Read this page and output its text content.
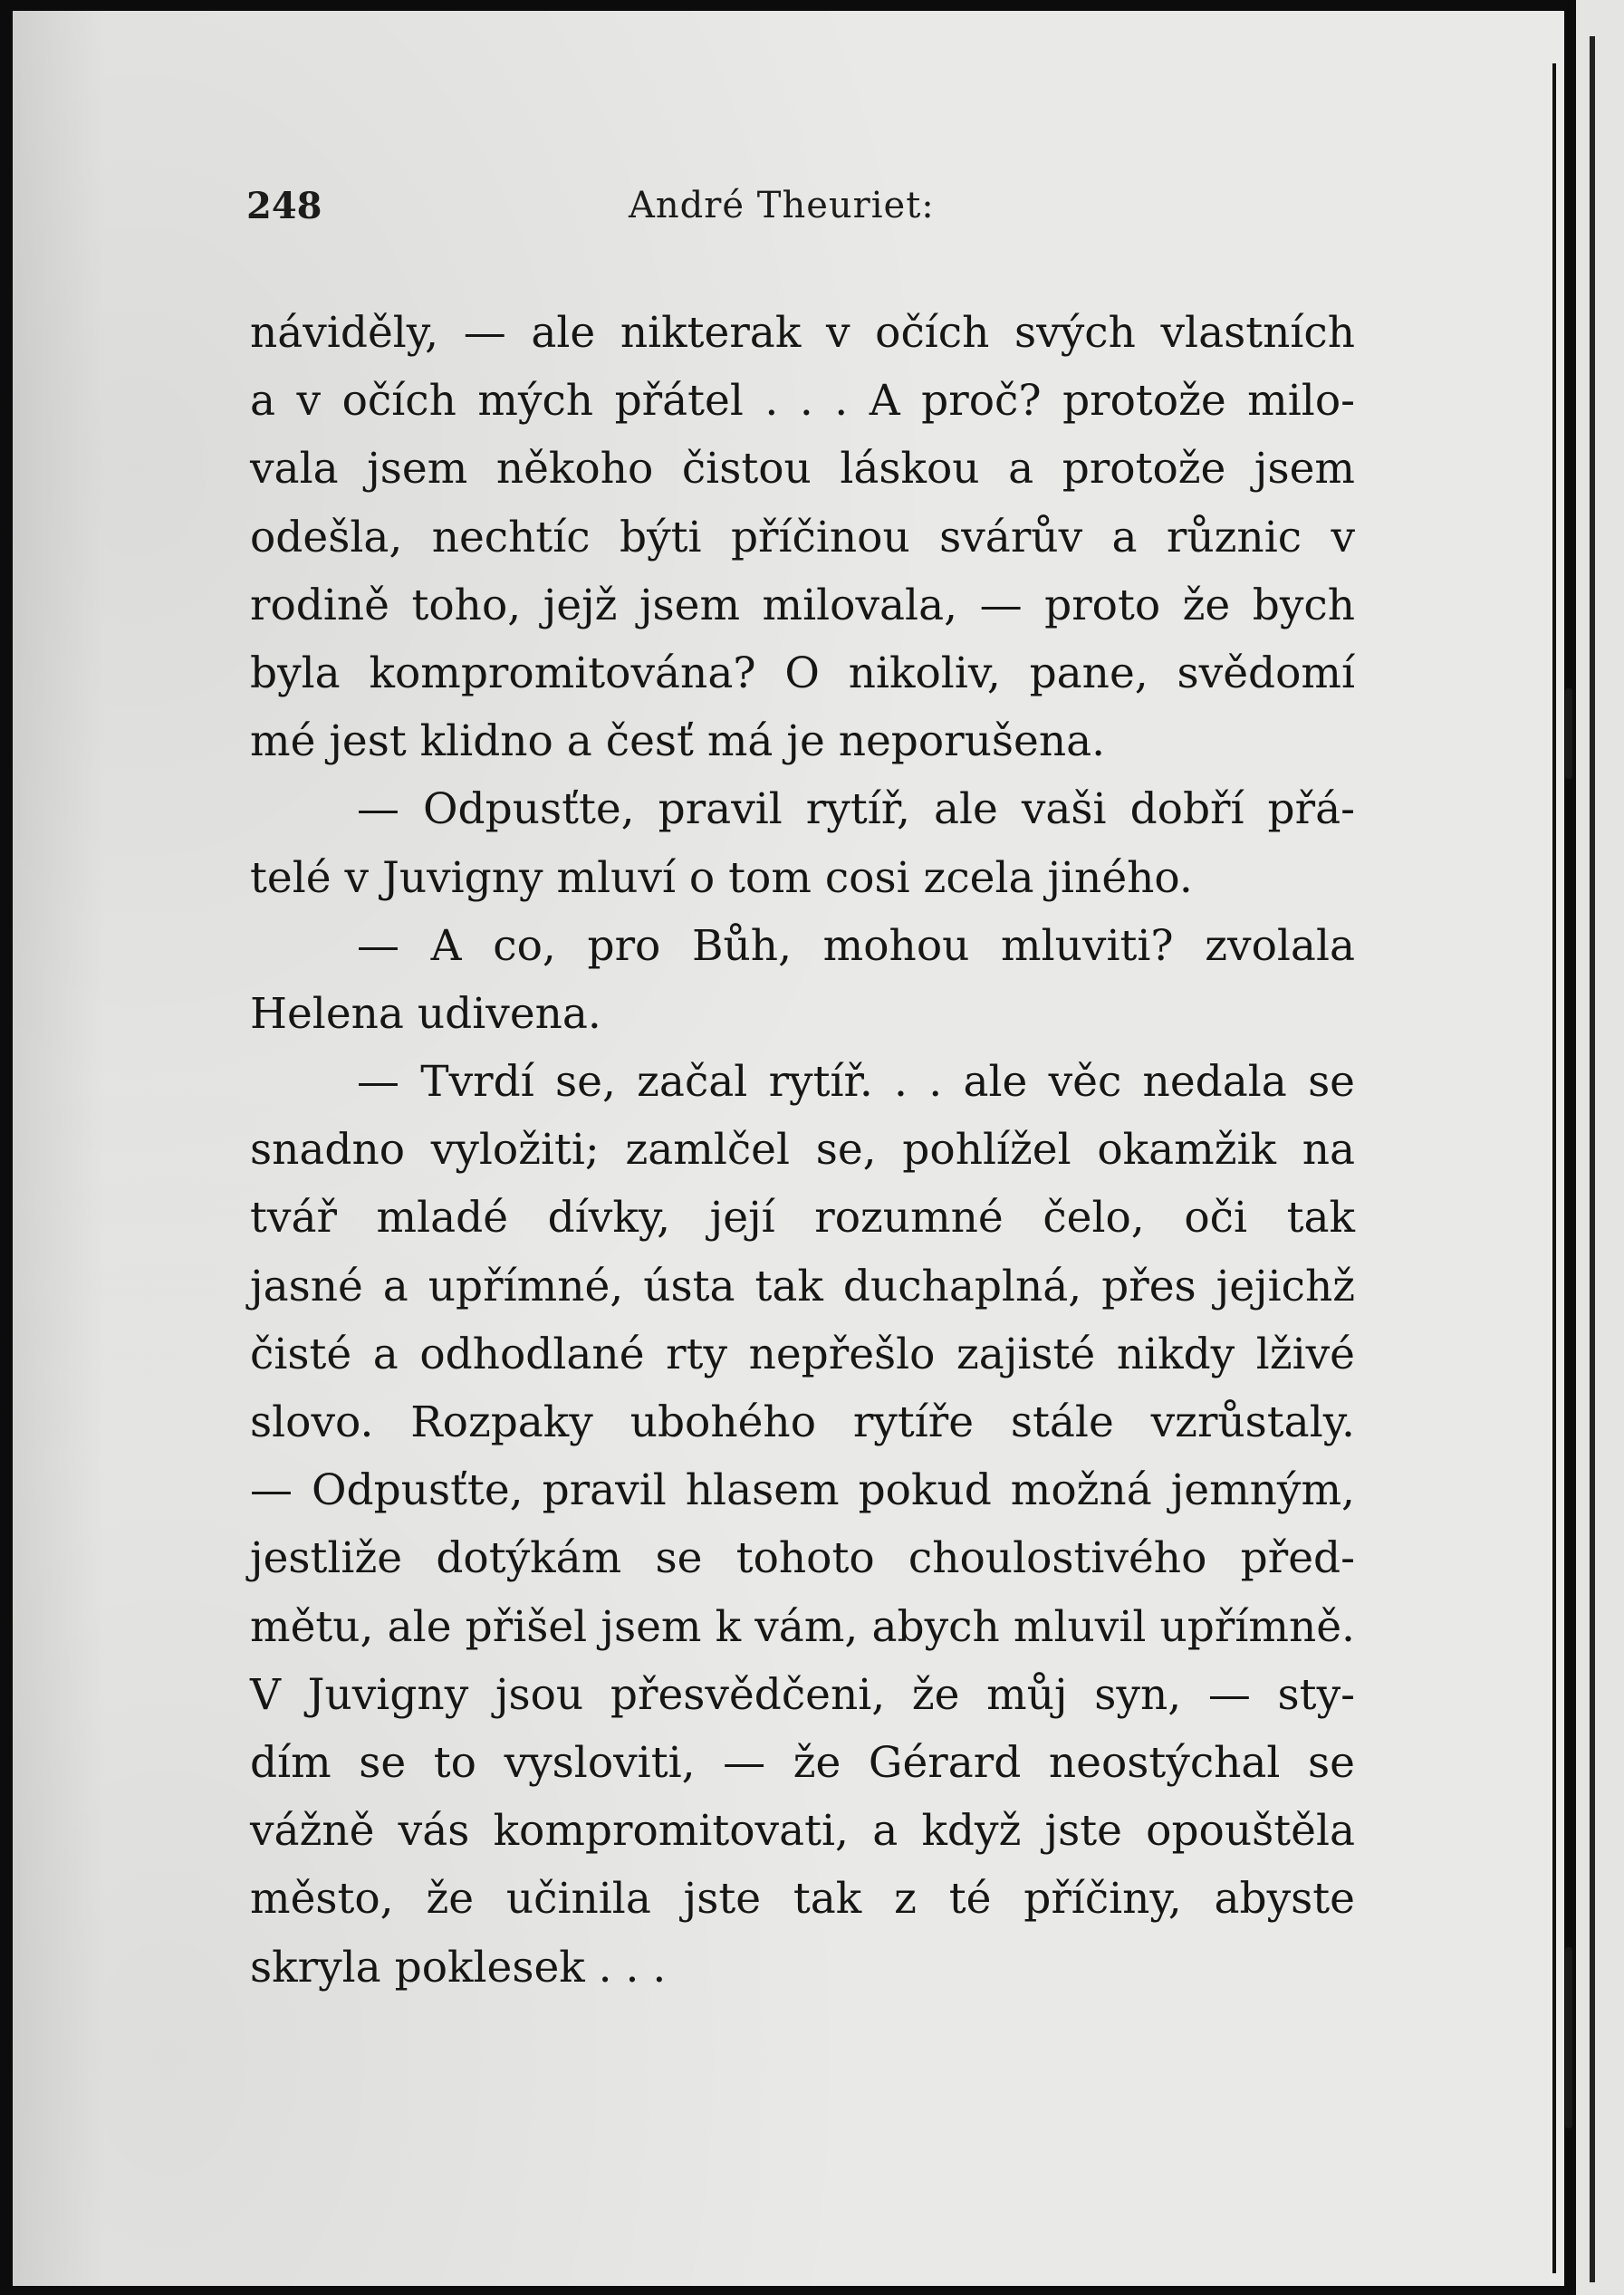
248	André Theuriet:
náviděly, — ale nikterak v očích svých vlastních
a v očích mých přátel . . . A proč? protože milo-
vala jsem někoho čistou láskou a protože jsem
odešla, nechtíc býti příčinou svárův a různic v
rodině toho, jejž jsem milovala, — proto že bych
byla kompromitována? O nikoliv, pane, svědomí
mé jest klidno a česť má je neporušena.
— Odpusťte, pravil rytíř, ale vaši dobří přá-
telé v Juvigny mluví o tom cosi zcela jiného.
— A co, pro Bůh, mohou mluviti? zvolala
Helena udivena.
— Tvrdí se, začal rytíř. . . ale věc nedala se
snadno vyložiti; zamlčel se, pohlížel okamžik na
tvář mladé dívky, její rozumné čelo, oči tak
jasné a upřímné, ústa tak duchaplná, přes jejichž
čisté a odhodlané rty nepřešlo zajisté nikdy lživé
slovo. Rozpaky ubohého rytíře stále vzrůstaly.
— Odpusťte, pravil hlasem pokud možná jemným,
jestliže dotýkám se tohoto choulostivého před-
mětu, ale přišel jsem k vám, abych mluvil upřímně.
V Juvigny jsou přesvědčeni, že můj syn, — sty-
dím se to vysloviti, — že Gérard neostýchal se
vážně vás kompromitovati, a když jste opouštěla
město, že učinila jste tak z té příčiny, abyste
skryla poklesek . . .
